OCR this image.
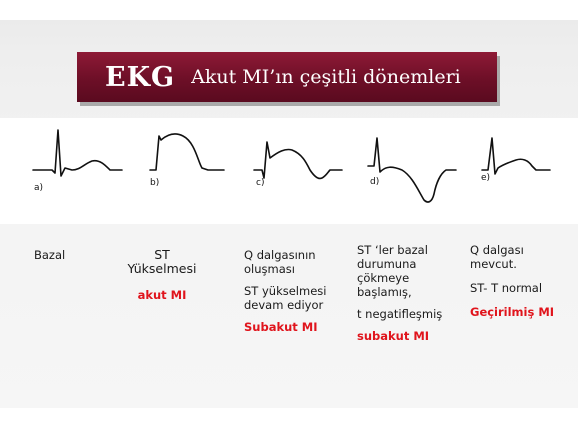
EKG Akut MI’ın çeşitli dönemleri
a)	b)	c)	d)	e)

Bazal	ST
Yükselmesi
akut MI
Q dalgasının
oluşması
ST yükselmesi
devam ediyor
Subakut MI
ST ‘ler bazal
durumuna
çökmeye
başlamış,
t negatifleşmiş
subakut MI
Q dalgası
mevcut.
ST- T normal
Geçirilmiş MI
